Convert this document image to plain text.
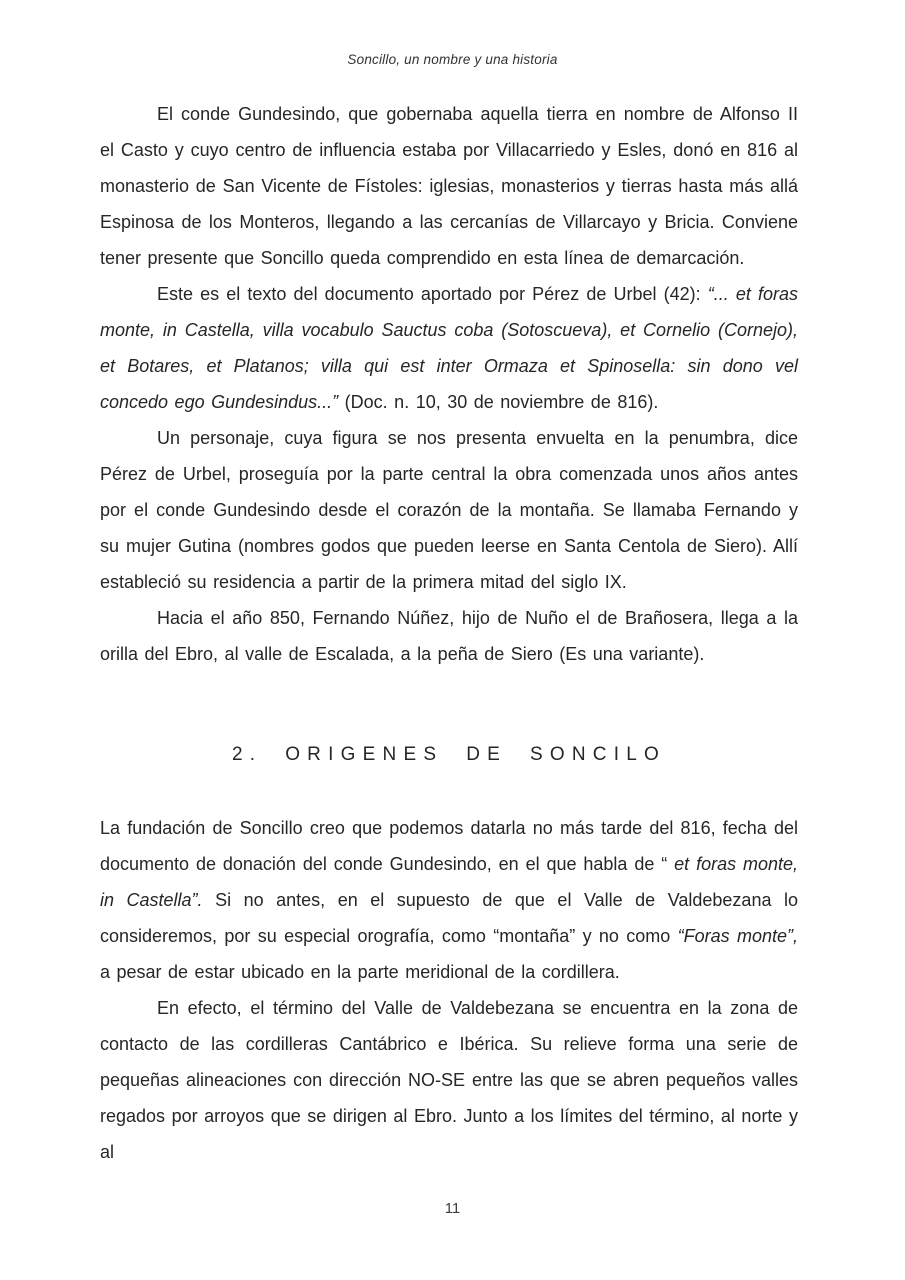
Soncillo, un nombre y una historia

El conde Gundesindo, que gobernaba aquella tierra en nombre de Alfonso II el Casto y cuyo centro de influencia estaba por Villacarriedo y Esles, donó en 816 al monasterio de San Vicente de Fístoles: iglesias, monasterios y tierras hasta más allá Espinosa de los Monteros, llegando a las cercanías de Villarcayo y Bricia. Conviene tener presente que Soncillo queda comprendido en esta línea de demarcación.

Este es el texto del documento aportado por Pérez de Urbel (42): “... et foras monte, in Castella, villa vocabulo Sauctus coba (Sotoscueva), et Cornelio (Cornejo), et Botares, et Platanos; villa qui est inter Ormaza et Spinosella: sin dono vel concedo ego Gundesindus...” (Doc. n. 10, 30 de noviembre de 816).

Un personaje, cuya figura se nos presenta envuelta en la penumbra, dice Pérez de Urbel, proseguía por la parte central la obra comenzada unos años antes por el conde Gundesindo desde el corazón de la montaña. Se llamaba Fernando y su mujer Gutina (nombres godos que pueden leerse en Santa Centola de Siero). Allí estableció su residencia a partir de la primera mitad del siglo IX.

Hacia el año 850, Fernando Núñez, hijo de Nuño el de Brañosera, llega a la orilla del Ebro, al valle de Escalada, a la peña de Siero (Es una variante).

2. ORIGENES DE SONCILO

La fundación de Soncillo creo que podemos datarla no más tarde del 816, fecha del documento de donación del conde Gundesindo, en el que habla de “ et foras monte, in Castella”. Si no antes, en el supuesto de que el Valle de Valdebezana lo consideremos, por su especial orografía, como “montaña” y no como “Foras monte”, a pesar de estar ubicado en la parte meridional de la cordillera.

En efecto, el término del Valle de Valdebezana se encuentra en la zona de contacto de las cordilleras Cantábrico e Ibérica. Su relieve forma una serie de pequeñas alineaciones con dirección NO-SE entre las que se abren pequeños valles regados por arroyos que se dirigen al Ebro. Junto a los límites del término, al norte y al

11
